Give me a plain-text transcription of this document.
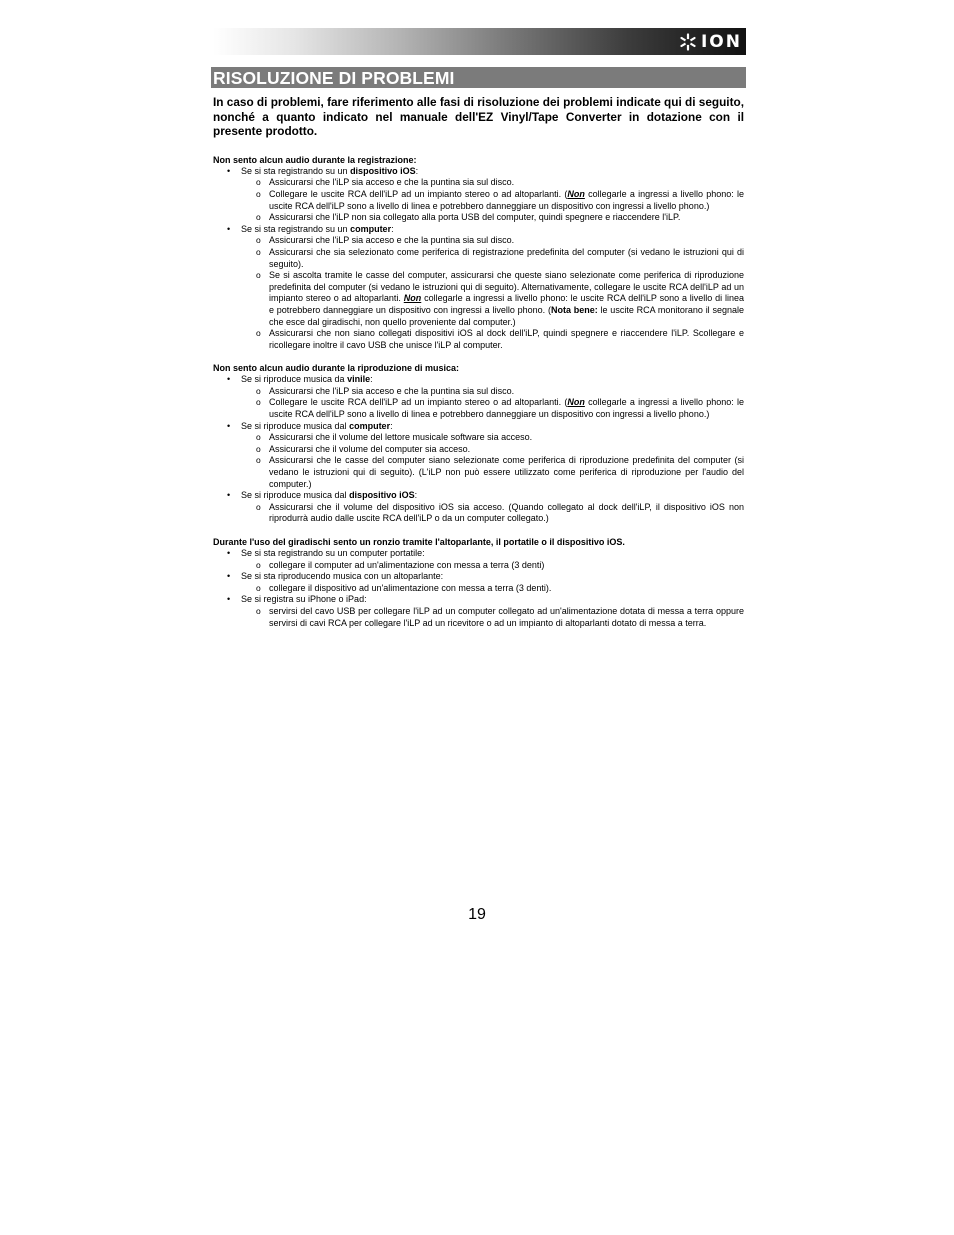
ION
RISOLUZIONE DI PROBLEMI

In caso di problemi, fare riferimento alle fasi di risoluzione dei problemi indicate qui di seguito, nonché a quanto indicato nel manuale dell'EZ Vinyl/Tape Converter in dotazione con il presente prodotto.

Non sento alcun audio durante la registrazione:

• Se si sta registrando su un dispositivo iOS:
o Assicurarsi che l'iLP sia acceso e che la puntina sia sul disco.
o Collegare le uscite RCA dell'iLP ad un impianto stereo o ad altoparlanti. (Non collegarle a ingressi a livello phono: le uscite RCA dell'iLP sono a livello di linea e potrebbero danneggiare un dispositivo con ingressi a livello phono.)
o Assicurarsi che l'iLP non sia collegato alla porta USB del computer, quindi spegnere e riaccendere l'iLP.
• Se si sta registrando su un computer:
o Assicurarsi che l'iLP sia acceso e che la puntina sia sul disco.
o Assicurarsi che sia selezionato come periferica di registrazione predefinita del computer (si vedano le istruzioni qui di seguito).
o Se si ascolta tramite le casse del computer, assicurarsi che queste siano selezionate come periferica di riproduzione predefinita del computer (si vedano le istruzioni qui di seguito). Alternativamente, collegare le uscite RCA dell'iLP ad un impianto stereo o ad altoparlanti. Non collegarle a ingressi a livello phono: le uscite RCA dell'iLP sono a livello di linea e potrebbero danneggiare un dispositivo con ingressi a livello phono. (Nota bene: le uscite RCA monitorano il segnale che esce dal giradischi, non quello proveniente dal computer.)
o Assicurarsi che non siano collegati dispositivi iOS al dock dell'iLP, quindi spegnere e riaccendere l'iLP. Scollegare e ricollegare inoltre il cavo USB che unisce l'iLP al computer.

Non sento alcun audio durante la riproduzione di musica:

• Se si riproduce musica da vinile:
o Assicurarsi che l'iLP sia acceso e che la puntina sia sul disco.
o Collegare le uscite RCA dell'iLP ad un impianto stereo o ad altoparlanti. (Non collegarle a ingressi a livello phono: le uscite RCA dell'iLP sono a livello di linea e potrebbero danneggiare un dispositivo con ingressi a livello phono.)
• Se si riproduce musica dal computer:
o Assicurarsi che il volume del lettore musicale software sia acceso.
o Assicurarsi che il volume del computer sia acceso.
o Assicurarsi che le casse del computer siano selezionate come periferica di riproduzione predefinita del computer (si vedano le istruzioni qui di seguito). (L'iLP non può essere utilizzato come periferica di riproduzione per l'audio del computer.)
• Se si riproduce musica dal dispositivo iOS:
o Assicurarsi che il volume del dispositivo iOS sia acceso. (Quando collegato al dock dell'iLP, il dispositivo iOS non riprodurrà audio dalle uscite RCA dell'iLP o da un computer collegato.)

Durante l'uso del giradischi sento un ronzio tramite l'altoparlante, il portatile o il dispositivo iOS.

• Se si sta registrando su un computer portatile:
o collegare il computer ad un'alimentazione con messa a terra (3 denti)
• Se si sta riproducendo musica con un altoparlante:
o collegare il dispositivo ad un'alimentazione con messa a terra (3 denti).
• Se si registra su iPhone o iPad:
o servirsi del cavo USB per collegare l'iLP ad un computer collegato ad un'alimentazione dotata di messa a terra oppure servirsi di cavi RCA per collegare l'iLP ad un ricevitore o ad un impianto di altoparlanti dotato di messa a terra.
19
